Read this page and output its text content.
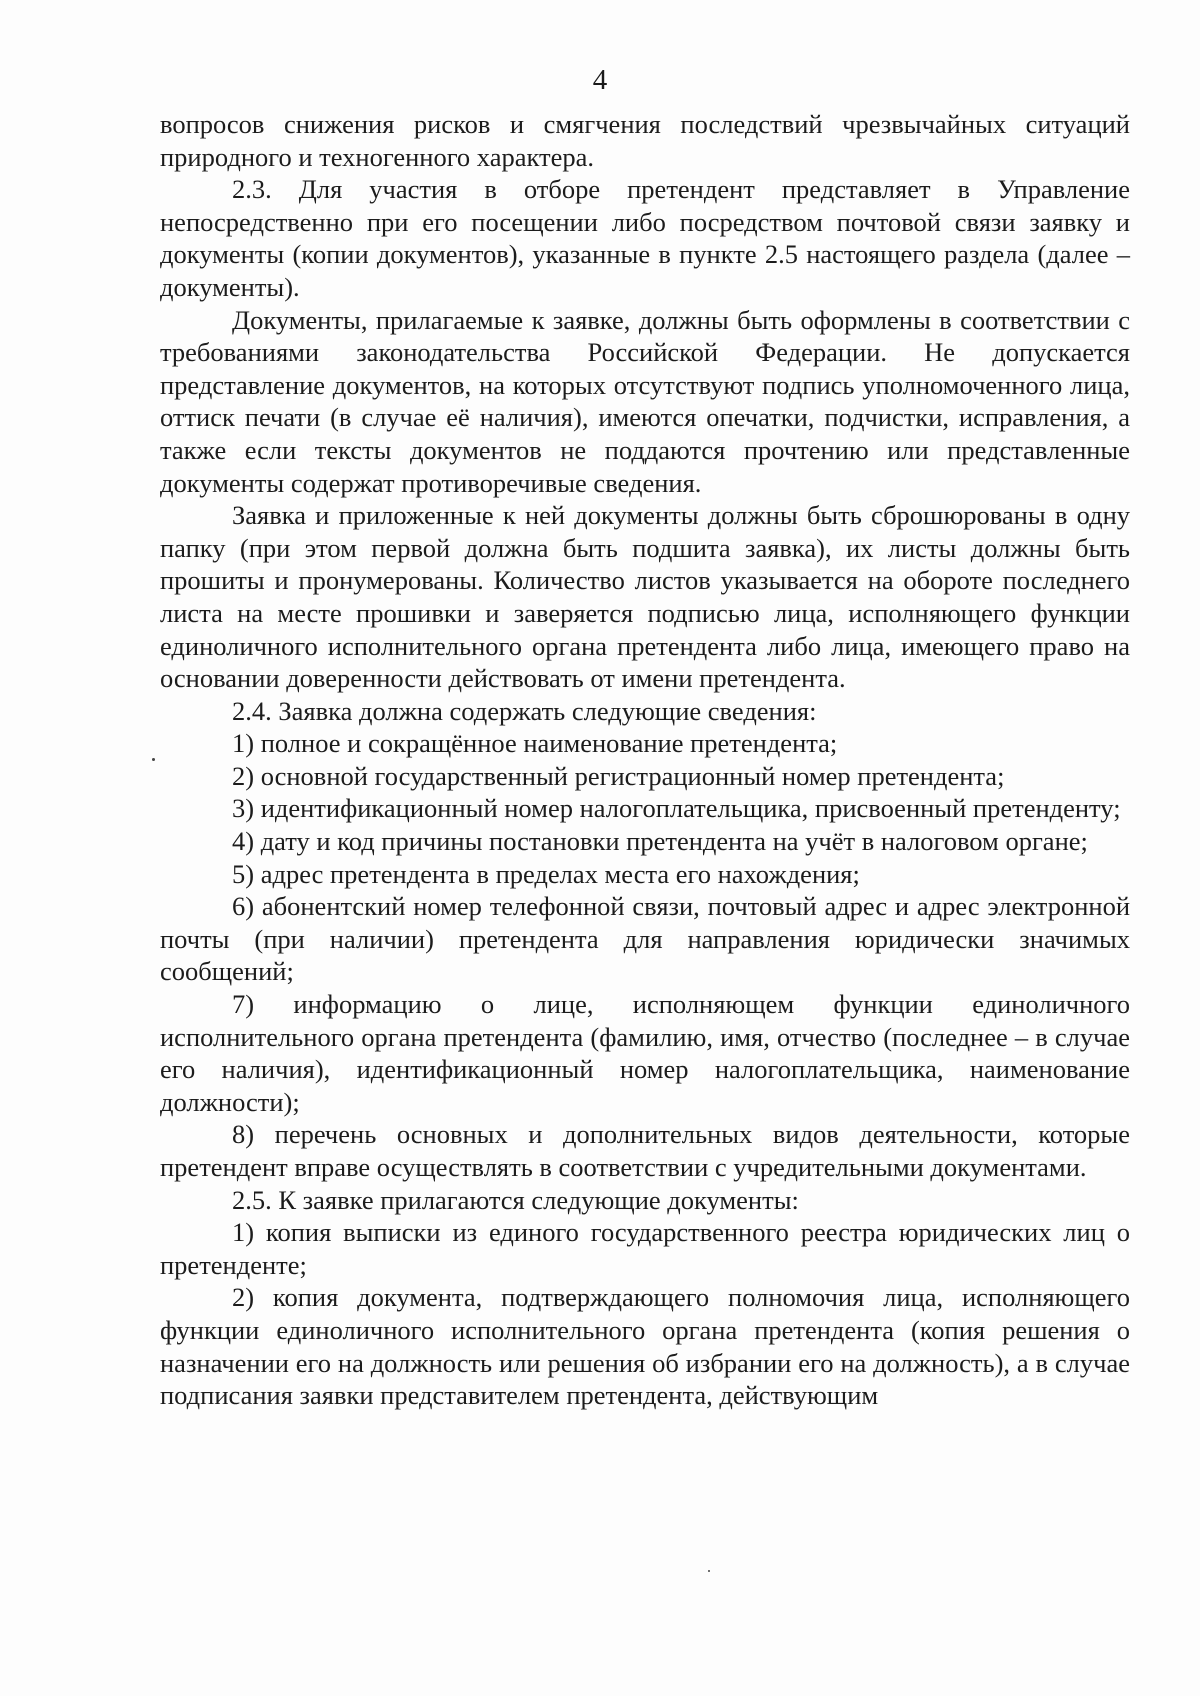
4

вопросов снижения рисков и смягчения последствий чрезвычайных ситуаций природного и техногенного характера.

2.3. Для участия в отборе претендент представляет в Управление непосредственно при его посещении либо посредством почтовой связи заявку и документы (копии документов), указанные в пункте 2.5 настоящего раздела (далее – документы).

Документы, прилагаемые к заявке, должны быть оформлены в соответствии с требованиями законодательства Российской Федерации. Не допускается представление документов, на которых отсутствуют подпись уполномоченного лица, оттиск печати (в случае её наличия), имеются опечатки, подчистки, исправления, а также если тексты документов не поддаются прочтению или представленные документы содержат противоречивые сведения.

Заявка и приложенные к ней документы должны быть сброшюрованы в одну папку (при этом первой должна быть подшита заявка), их листы должны быть прошиты и пронумерованы. Количество листов указывается на обороте последнего листа на месте прошивки и заверяется подписью лица, исполняющего функции единоличного исполнительного органа претендента либо лица, имеющего право на основании доверенности действовать от имени претендента.

2.4. Заявка должна содержать следующие сведения:

1) полное и сокращённое наименование претендента;

2) основной государственный регистрационный номер претендента;

3) идентификационный номер налогоплательщика, присвоенный претенденту;

4) дату и код причины постановки претендента на учёт в налоговом органе;

5) адрес претендента в пределах места его нахождения;

6) абонентский номер телефонной связи, почтовый адрес и адрес электронной почты (при наличии) претендента для направления юридически значимых сообщений;

7) информацию о лице, исполняющем функции единоличного исполнительного органа претендента (фамилию, имя, отчество (последнее – в случае его наличия), идентификационный номер налогоплательщика, наименование должности);

8) перечень основных и дополнительных видов деятельности, которые претендент вправе осуществлять в соответствии с учредительными документами.

2.5. К заявке прилагаются следующие документы:

1) копия выписки из единого государственного реестра юридических лиц о претенденте;

2) копия документа, подтверждающего полномочия лица, исполняющего функции единоличного исполнительного органа претендента (копия решения о назначении его на должность или решения об избрании его на должность), а в случае подписания заявки представителем претендента, действующим
